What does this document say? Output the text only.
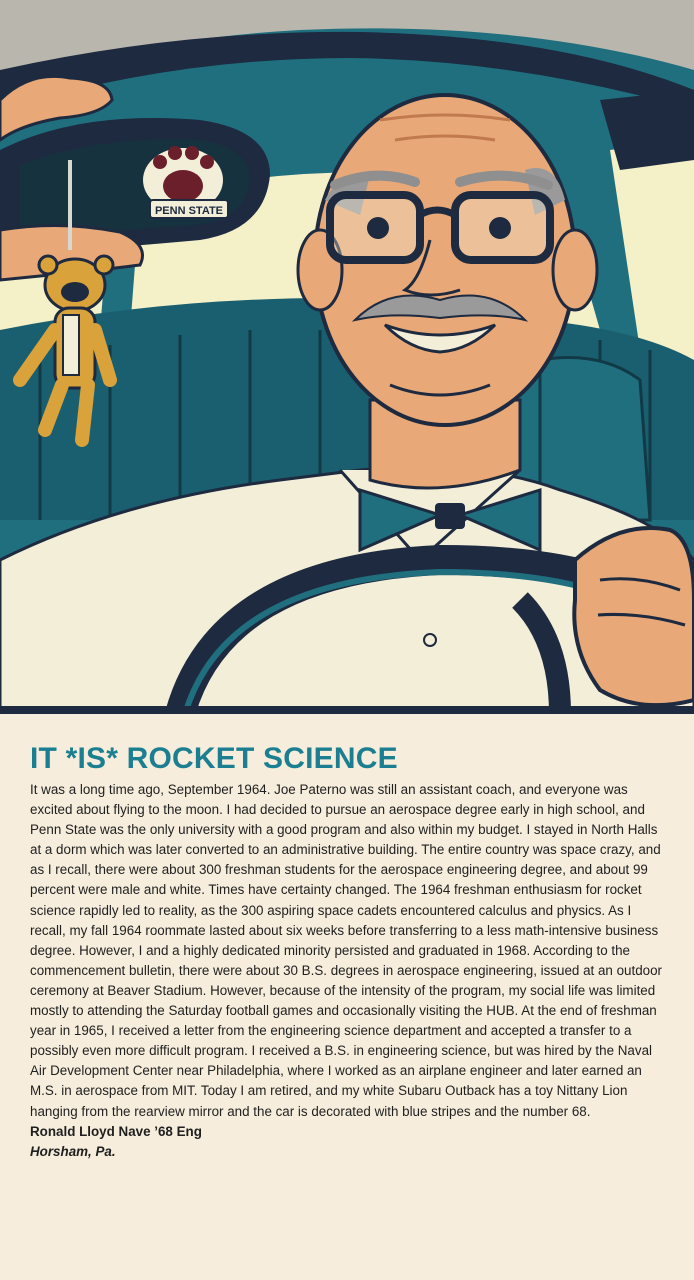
PENN STATE
IT *IS* ROCKET SCIENCE

It was a long time ago, September 1964. Joe Paterno was still an assistant coach, and everyone was excited about flying to the moon. I had decided to pursue an aerospace degree early in high school, and Penn State was the only university with a good program and also within my budget. I stayed in North Halls at a dorm which was later converted to an administrative building. The entire country was space crazy, and as I recall, there were about 300 freshman students for the aerospace engineering degree, and about 99 percent were male and white. Times have certainty changed. The 1964 freshman enthusiasm for rocket science rapidly led to reality, as the 300 aspiring space cadets encountered calculus and physics. As I recall, my fall 1964 roommate lasted about six weeks before transferring to a less math-intensive business degree. However, I and a highly dedicated minority persisted and graduated in 1968. According to the commencement bulletin, there were about 30 B.S. degrees in aerospace engineering, issued at an outdoor ceremony at Beaver Stadium. However, because of the intensity of the program, my social life was limited mostly to attending the Saturday football games and occasionally visiting the HUB. At the end of freshman year in 1965, I received a letter from the engineering science department and accepted a transfer to a possibly even more difficult program. I received a B.S. in engineering science, but was hired by the Naval Air Development Center near Philadelphia, where I worked as an airplane engineer and later earned an M.S. in aerospace from MIT. Today I am retired, and my white Subaru Outback has a toy Nittany Lion hanging from the rearview mirror and the car is decorated with blue stripes and the number 68.

Ronald Lloyd Nave ’68 Eng

Horsham, Pa.
